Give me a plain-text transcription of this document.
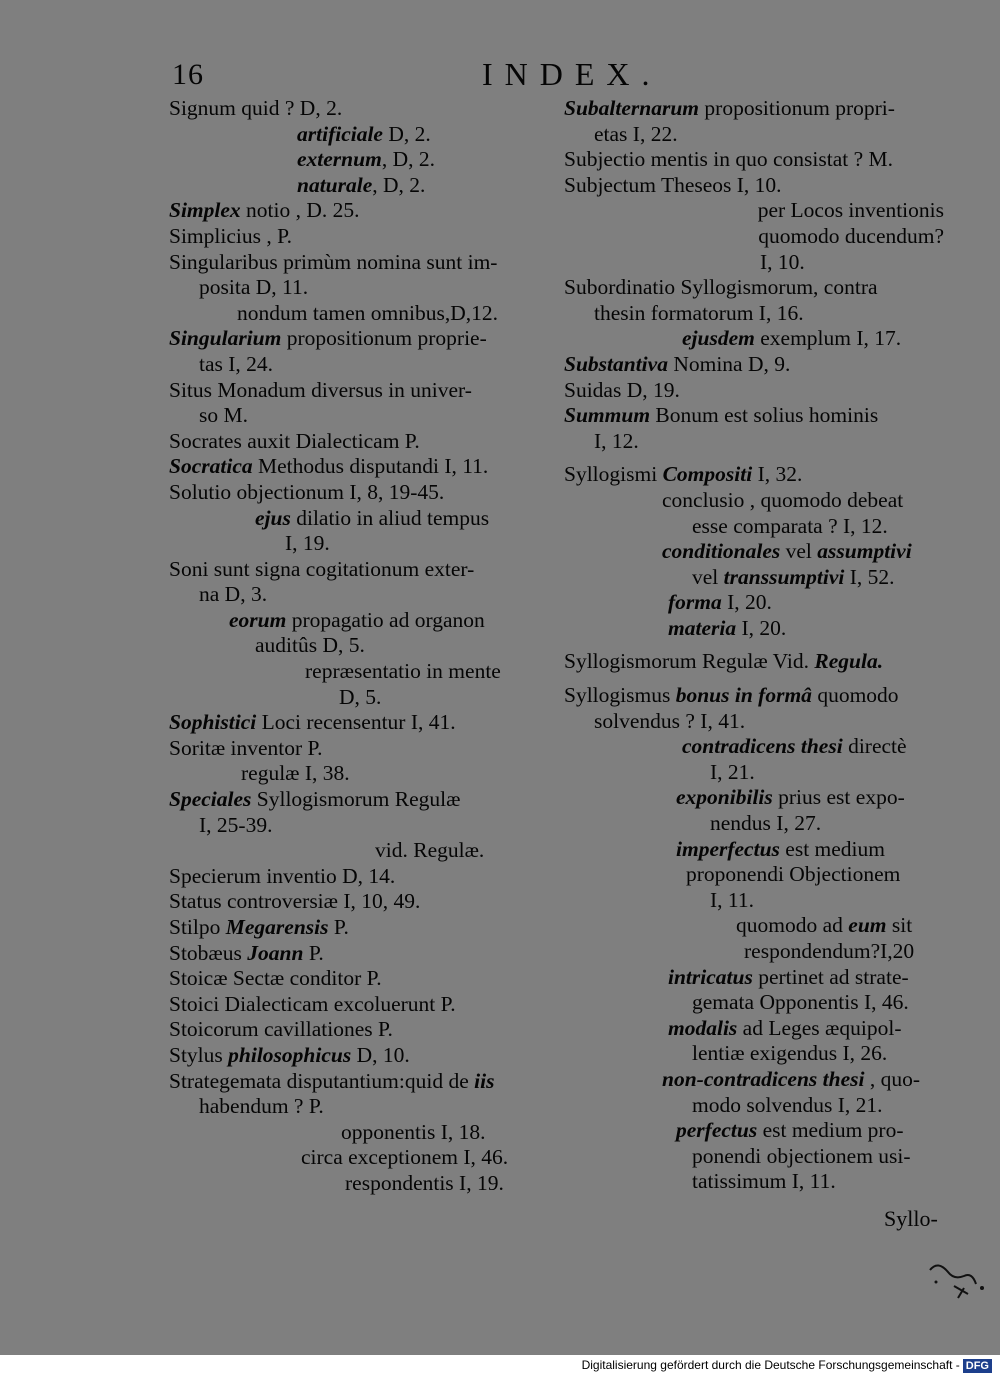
16	INDEX.
Signum quid ? D, 2.
artificiale D, 2.
externum, D, 2.
naturale, D, 2.
Simplex notio , D. 25.
Simplicius , P.
Singularibus primùm nomina sunt im-
posita D, 11.
nondum tamen omnibus,D,12.
Singularium propositionum proprie-
tas I, 24.
Situs Monadum diversus in univer-
so M.
Socrates auxit Dialecticam P.
Socratica Methodus disputandi I, 11.
Solutio objectionum I, 8, 19-45.
ejus dilatio in aliud tempus
I, 19.
Soni sunt signa cogitationum exter-
na D, 3.
eorum propagatio ad organon
auditûs D, 5.
repræsentatio in mente
D, 5.
Sophistici Loci recensentur I, 41.
Soritæ inventor P.
regulæ I, 38.
Speciales Syllogismorum Regulæ
I, 25-39.
vid. Regulæ.
Specierum inventio D, 14.
Status controversiæ I, 10, 49.
Stilpo Megarensis P.
Stobæus Joann P.
Stoicæ Sectæ conditor P.
Stoici Dialecticam excoluerunt P.
Stoicorum cavillationes P.
Stylus philosophicus D, 10.
Strategemata disputantium:quid de iis
habendum ? P.
opponentis I, 18.
circa exceptionem I, 46.
respondentis I, 19.
Subalternarum propositionum propri-
etas I, 22.
Subjectio mentis in quo consistat ? M.
Subjectum Theseos I, 10.
per Locos inventionis
quomodo ducendum?
I, 10.
Subordinatio Syllogismorum, contra
thesin formatorum I, 16.
ejusdem exemplum I, 17.
Substantiva Nomina D, 9.
Suidas D, 19.
Summum Bonum est solius hominis
I, 12.
Syllogismi Compositi I, 32.
conclusio , quomodo debeat
esse comparata ? I, 12.
conditionales vel assumptivi
vel transsumptivi I, 52.
forma I, 20.
materia I, 20.
Syllogismorum Regulæ Vid. Regula.
Syllogismus bonus in formâ quomodo
solvendus ? I, 41.
contradicens thesi directè
I, 21.
exponibilis prius est expo-
nendus I, 27.
imperfectus est medium
proponendi Objectionem
I, 11.
quomodo ad eum sit
respondendum?I,20
intricatus pertinet ad strate-
gemata Opponentis I, 46.
modalis ad Leges æquipol-
lentiæ exigendus I, 26.
non-contradicens thesi , quo-
modo solvendus I, 21.
perfectus est medium pro-
ponendi objectionem usi-
tatissimum I, 11.
Syllo-
Digitalisierung gefördert durch die Deutsche Forschungsgemeinschaft - DFG
